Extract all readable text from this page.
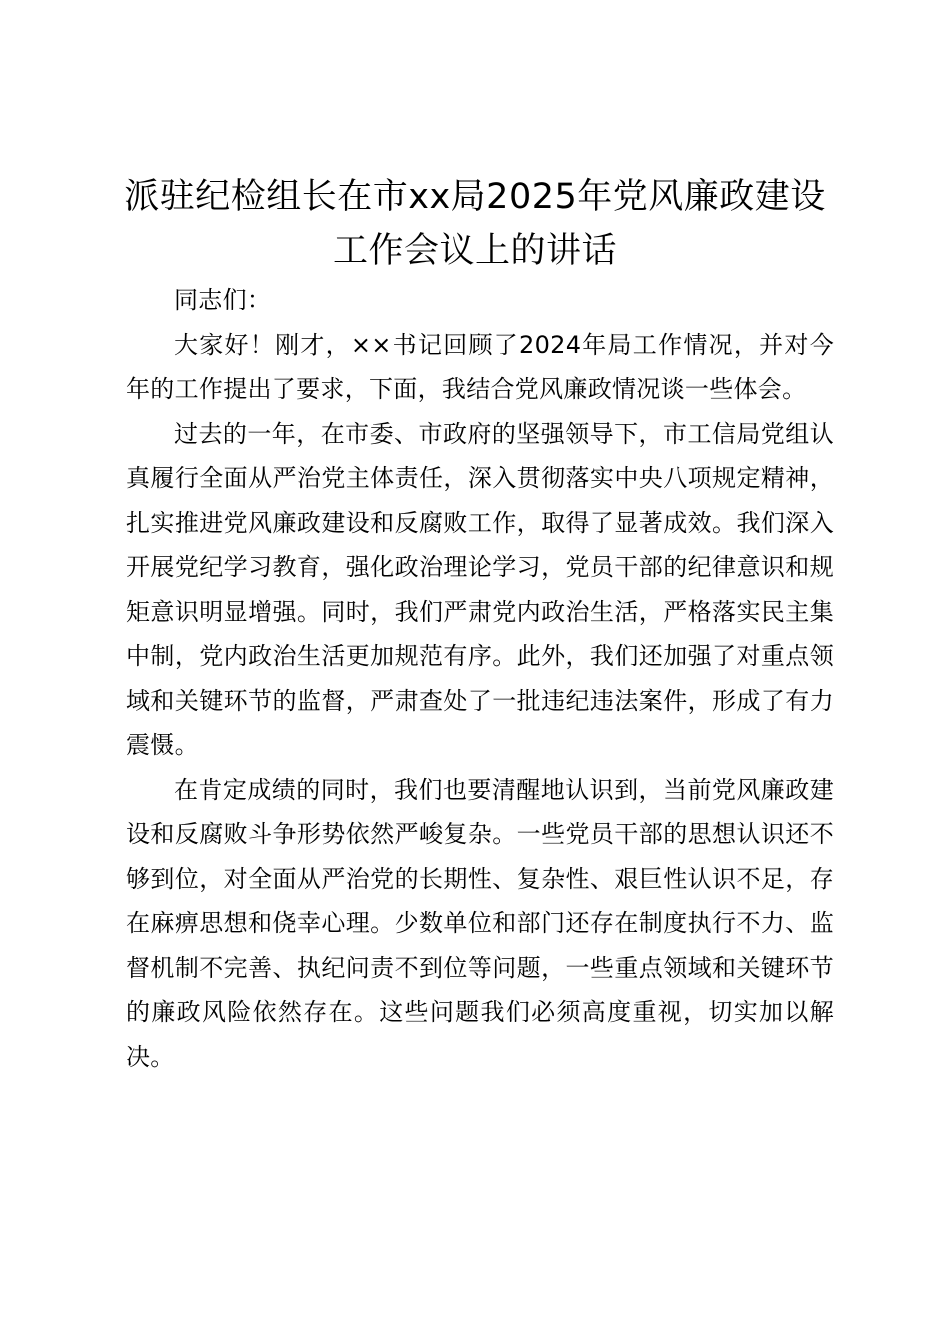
派驻纪检组长在市xx局2025年党风廉政建设工作会议上的讲话

同志们：

大家好！刚才，××书记回顾了2024年局工作情况，并对今年的工作提出了要求，下面，我结合党风廉政情况谈一些体会。

过去的一年，在市委、市政府的坚强领导下，市工信局党组认真履行全面从严治党主体责任，深入贯彻落实中央八项规定精神，扎实推进党风廉政建设和反腐败工作，取得了显著成效。我们深入开展党纪学习教育，强化政治理论学习，党员干部的纪律意识和规矩意识明显增强。同时，我们严肃党内政治生活，严格落实民主集中制，党内政治生活更加规范有序。此外，我们还加强了对重点领域和关键环节的监督，严肃查处了一批违纪违法案件，形成了有力震慑。

在肯定成绩的同时，我们也要清醒地认识到，当前党风廉政建设和反腐败斗争形势依然严峻复杂。一些党员干部的思想认识还不够到位，对全面从严治党的长期性、复杂性、艰巨性认识不足，存在麻痹思想和侥幸心理。少数单位和部门还存在制度执行不力、监督机制不完善、执纪问责不到位等问题，一些重点领域和关键环节的廉政风险依然存在。这些问题我们必须高度重视，切实加以解决。
